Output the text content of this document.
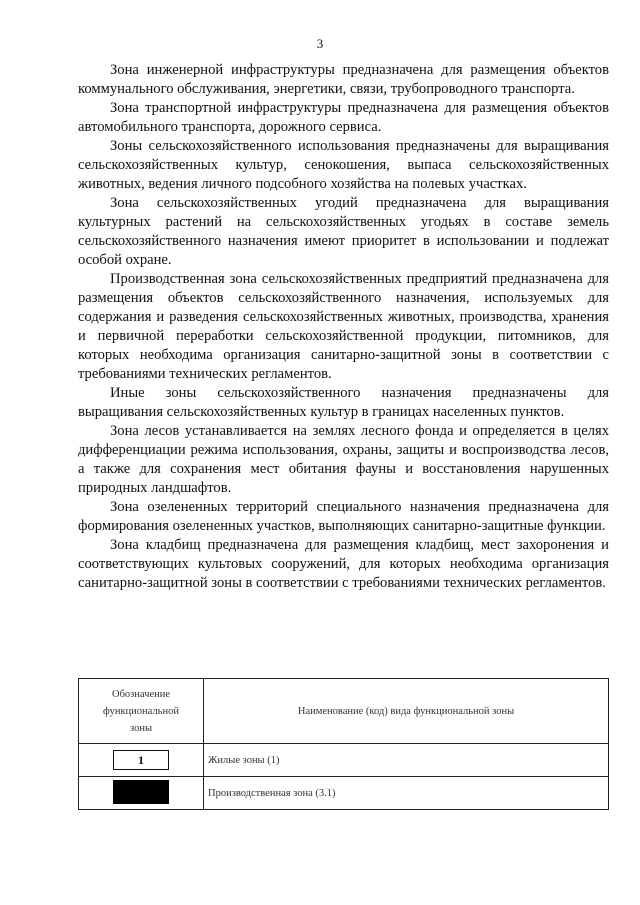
3

Зона инженерной инфраструктуры предназначена для размещения объектов коммунального обслуживания, энергетики, связи, трубопроводного транспорта.

Зона транспортной инфраструктуры предназначена для размещения объектов автомобильного транспорта, дорожного сервиса.

Зоны сельскохозяйственного использования предназначены для выращивания сельскохозяйственных культур, сенокошения, выпаса сельскохозяйственных животных, ведения личного подсобного хозяйства на полевых участках.

Зона сельскохозяйственных угодий предназначена для выращивания культурных растений на сельскохозяйственных угодьях в составе земель сельскохозяйственного назначения имеют приоритет в использовании и подлежат особой охране.

Производственная зона сельскохозяйственных предприятий предназначена для размещения объектов сельскохозяйственного назначения, используемых для содержания и разведения сельскохозяйственных животных, производства, хранения и первичной переработки сельскохозяйственной продукции, питомников, для которых необходима организация санитарно-защитной зоны в соответствии с требованиями технических регламентов.

Иные зоны сельскохозяйственного назначения предназначены для выращивания сельскохозяйственных культур в границах населенных пунктов.

Зона лесов устанавливается на землях лесного фонда и определяется в целях дифференциации режима использования, охраны, защиты и воспроизводства лесов, а также для сохранения мест обитания фауны и восстановления нарушенных природных ландшафтов.

Зона озелененных территорий специального назначения предназначена для формирования озелененных участков, выполняющих санитарно-защитные функции.

Зона кладбищ предназначена для размещения кладбищ, мест захоронения и соответствующих культовых сооружений, для которых необходима организация санитарно-защитной зоны в соответствии с требованиями технических регламентов.

Обозначение
функциональной
зоны	Наименование (код) вида функциональной зоны
1	Жилые зоны (1)
	Производственная зона (3.1)
